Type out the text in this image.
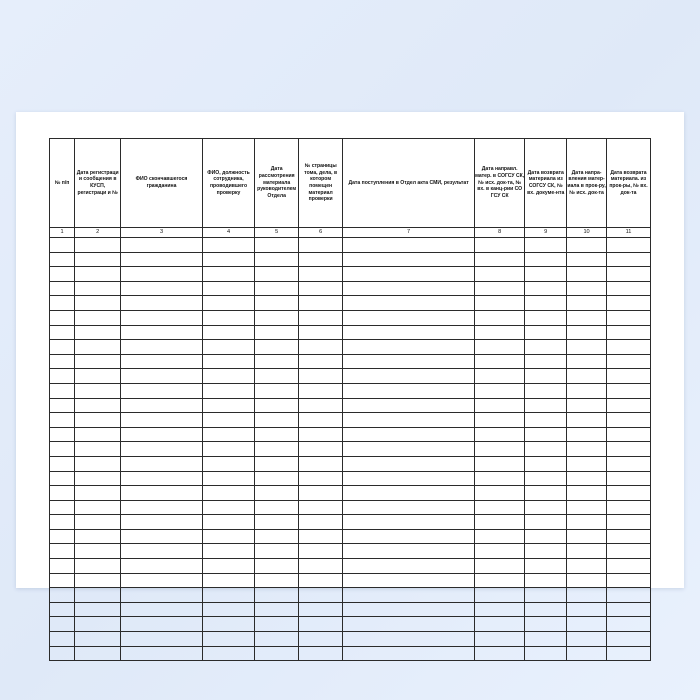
№ п/п	Дата регистраци и сообщения в КУСП, регистраци и №	ФИО скончавшегося гражданина	ФИО, должность сотрудника, проводившего проверку	Дата рассмотрения материала руководителем Отдела	№ страницы тома, дела, в котором помещен материал проверки	Дата поступления в Отдел акта СМИ, результат	Дата направл. матер. в СОГСУ СК, № исх. док-та, № вх. в канц-рии СО ГСУ СК	Дата возврата материала из СОГСУ СК, № вх. докуме-нта	Дата напра-вления матер-иала в прок-ру, № исх. док-та	Дата возврата материала. из прок-ры, № вх. док-та

1	2	3	4	5	6	7	8	9	10	11
